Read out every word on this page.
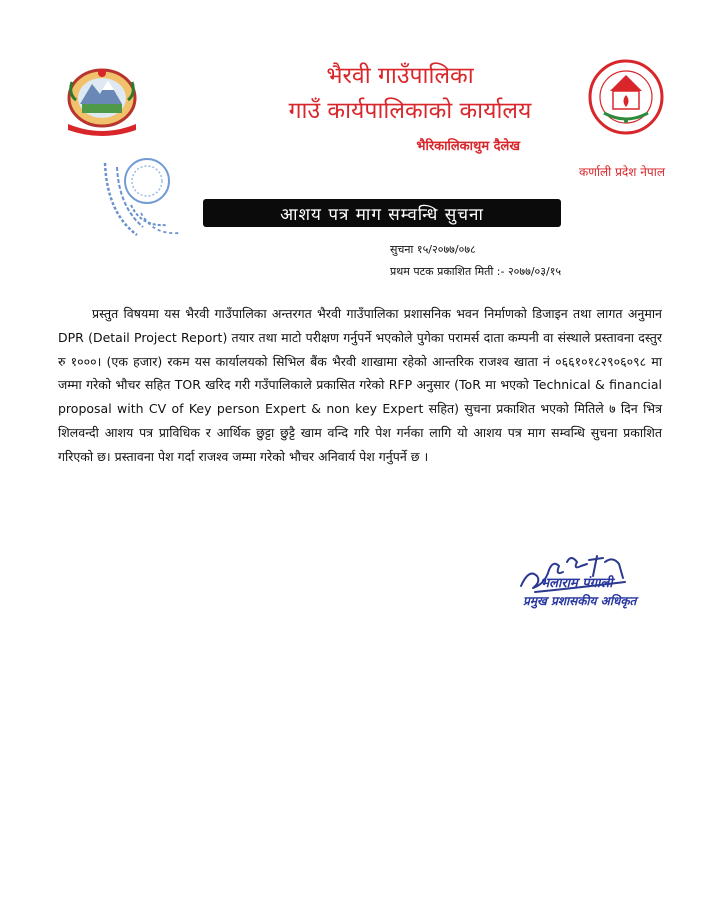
भैरवी गाउँपालिका
गाउँ कार्यपालिकाको कार्यालय
भैरिकालिकाथुम दैलेख
कर्णाली प्रदेश नेपाल
आशय पत्र माग सम्वन्धि सुचना
सुचना १५/२०७७/०७८
प्रथम पटक प्रकाशित मिती :- २०७७/०३/१५

प्रस्तुत विषयमा यस भैरवी गाउँपालिका अन्तरगत भैरवी गाउँपालिका प्रशासनिक भवन निर्माणको डिजाइन तथा लागत अनुमान DPR (Detail Project Report) तयार तथा माटो परीक्षण गर्नुपर्ने भएकोले पुगेका परामर्स दाता कम्पनी वा संस्थाले प्रस्तावना दस्तुर रु १०००। (एक हजार) रकम यस कार्यालयको सिभिल बैंक भैरवी शाखामा रहेको आन्तरिक राजश्व खाता नं ०६६१०१८२९०६०९८ मा जम्मा गरेको भौचर सहित TOR खरिद गरी गउँपालिकाले प्रकासित गरेको RFP अनुसार (ToR मा भएको Technical & financial proposal with CV of Key person Expert & non key Expert सहित) सुचना प्रकाशित भएको मितिले ७ दिन भित्र शिलवन्दी आशय पत्र प्राविधिक र आर्थिक छुट्टा छुट्टै खाम वन्दि गरि पेश गर्नका लागि यो आशय पत्र माग सम्वन्धि सुचना प्रकाशित गरिएको छ। प्रस्तावना पेश गर्दा राजश्व जम्मा गरेको भौचर अनिवार्य पेश गर्नुपर्ने छ ।

भलाराम पंगाली
प्रमुख प्रशासकीय अधिकृत
